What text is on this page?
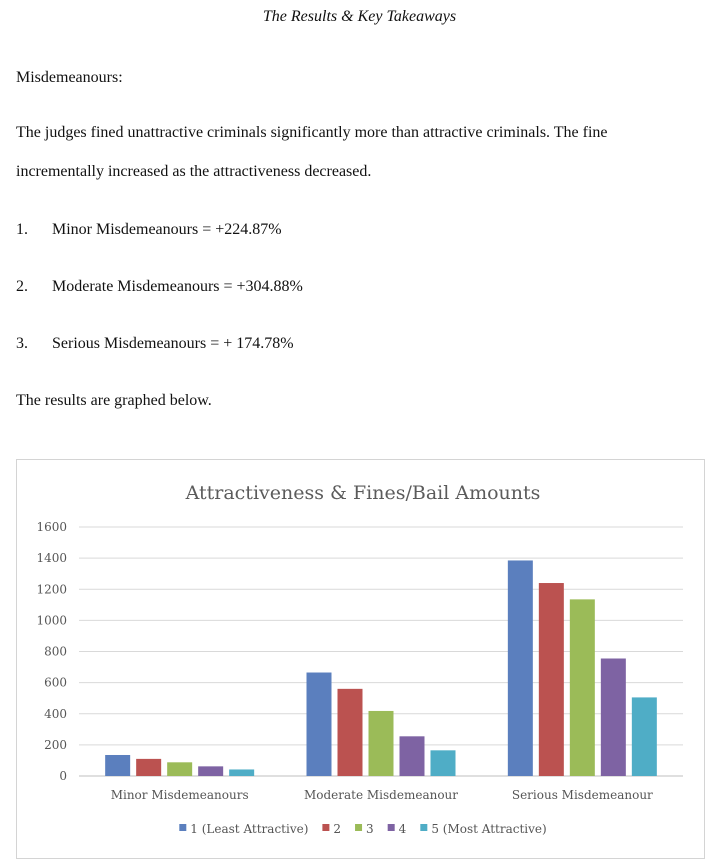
The Results & Key Takeaways
Misdemeanours:
The judges fined unattractive criminals significantly more than attractive criminals. The fine
incrementally increased as the attractiveness decreased.
1. Minor Misdemeanours = +224.87%
2. Moderate Misdemeanours = +304.88%
3. Serious Misdemeanours = + 174.78%
The results are graphed below.
Attractiveness & Fines/Bail Amounts
0
200
400
600
800
1000
1200
1400
1600
Minor Misdemeanours	Moderate Misdemeanour	Serious Misdemeanour
1 (Least Attractive) 2 3 4 5 (Most Attractive)
